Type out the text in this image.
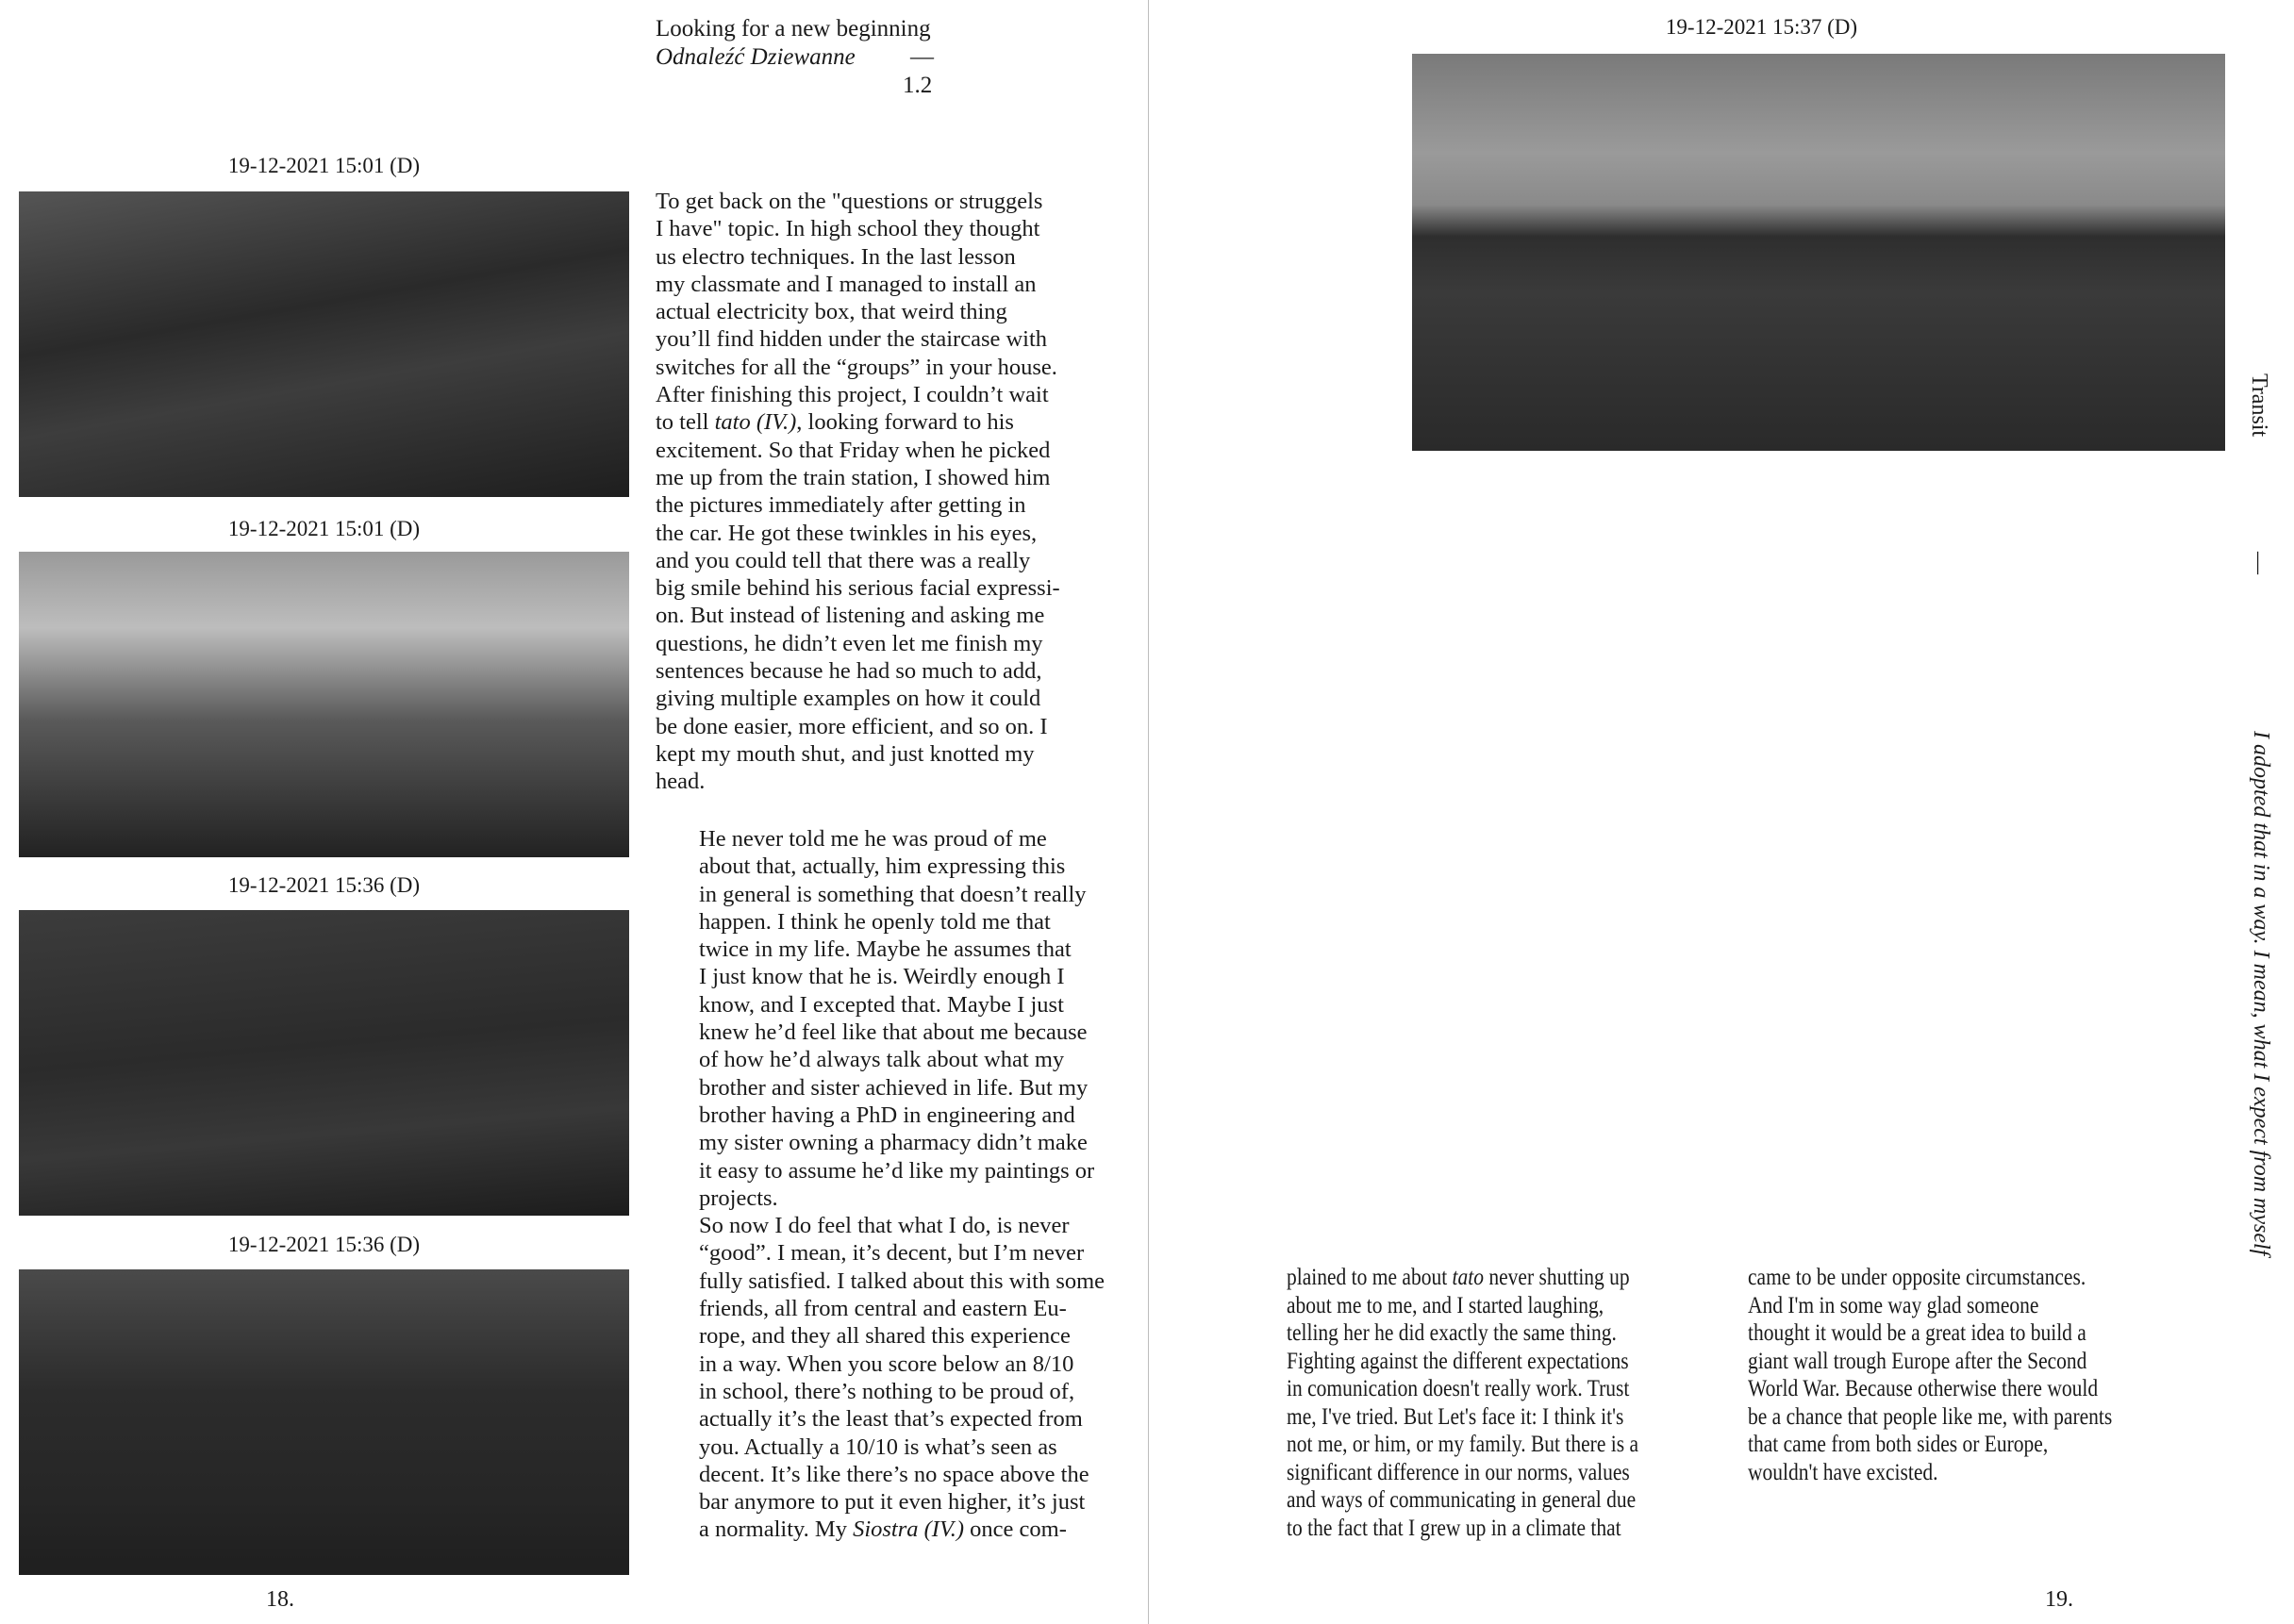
Looking for a new beginning
Odnaleźć Dziewanne —
1.2
19-12-2021 15:01 (D)
19-12-2021 15:01 (D)
19-12-2021 15:36 (D)
19-12-2021 15:36 (D)
To get back on the "questions or struggels
I have" topic. In high school they thought
us electro techniques. In the last lesson
my classmate and I managed to install an
actual electricity box, that weird thing
you’ll find hidden under the staircase with
switches for all the “groups” in your house.
After finishing this project, I couldn’t wait
to tell tato (IV.), looking forward to his
excitement. So that Friday when he picked
me up from the train station, I showed him
the pictures immediately after getting in
the car. He got these twinkles in his eyes,
and you could tell that there was a really
big smile behind his serious facial expressi-
on. But instead of listening and asking me
questions, he didn’t even let me finish my
sentences because he had so much to add,
giving multiple examples on how it could
be done easier, more efficient, and so on. I
kept my mouth shut, and just knotted my
head.
He never told me he was proud of me
about that, actually, him expressing this
in general is something that doesn’t really
happen. I think he openly told me that
twice in my life. Maybe he assumes that
I just know that he is. Weirdly enough I
know, and I excepted that. Maybe I just
knew he’d feel like that about me because
of how he’d always talk about what my
brother and sister achieved in life. But my
brother having a PhD in engineering and
my sister owning a pharmacy didn’t make
it easy to assume he’d like my paintings or
projects.
So now I do feel that what I do, is never
“good”. I mean, it’s decent, but I’m never
fully satisfied. I talked about this with some
friends, all from central and eastern Eu-
rope, and they all shared this experience
in a way. When you score below an 8/10
in school, there’s nothing to be proud of,
actually it’s the least that’s expected from
you. Actually a 10/10 is what’s seen as
decent. It’s like there’s no space above the
bar anymore to put it even higher, it’s just
a normality. My Siostra (IV.) once com-
18.
19-12-2021 15:37 (D)
plained to me about tato never shutting up
about me to me, and I started laughing,
telling her he did exactly the same thing.
Fighting against the different expectations
in comunication doesn't really work. Trust
me, I've tried. But Let's face it: I think it's
not me, or him, or my family. But there is a
significant difference in our norms, values
and ways of communicating in general due
to the fact that I grew up in a climate that
came to be under opposite circumstances.
And I'm in some way glad someone
thought it would be a great idea to build a
giant wall trough Europe after the Second
World War. Because otherwise there would
be a chance that people like me, with parents
that came from both sides or Europe,
wouldn't have excisted.
Transit
—
I adopted that in a way. I mean, what I expect from myself
19.
